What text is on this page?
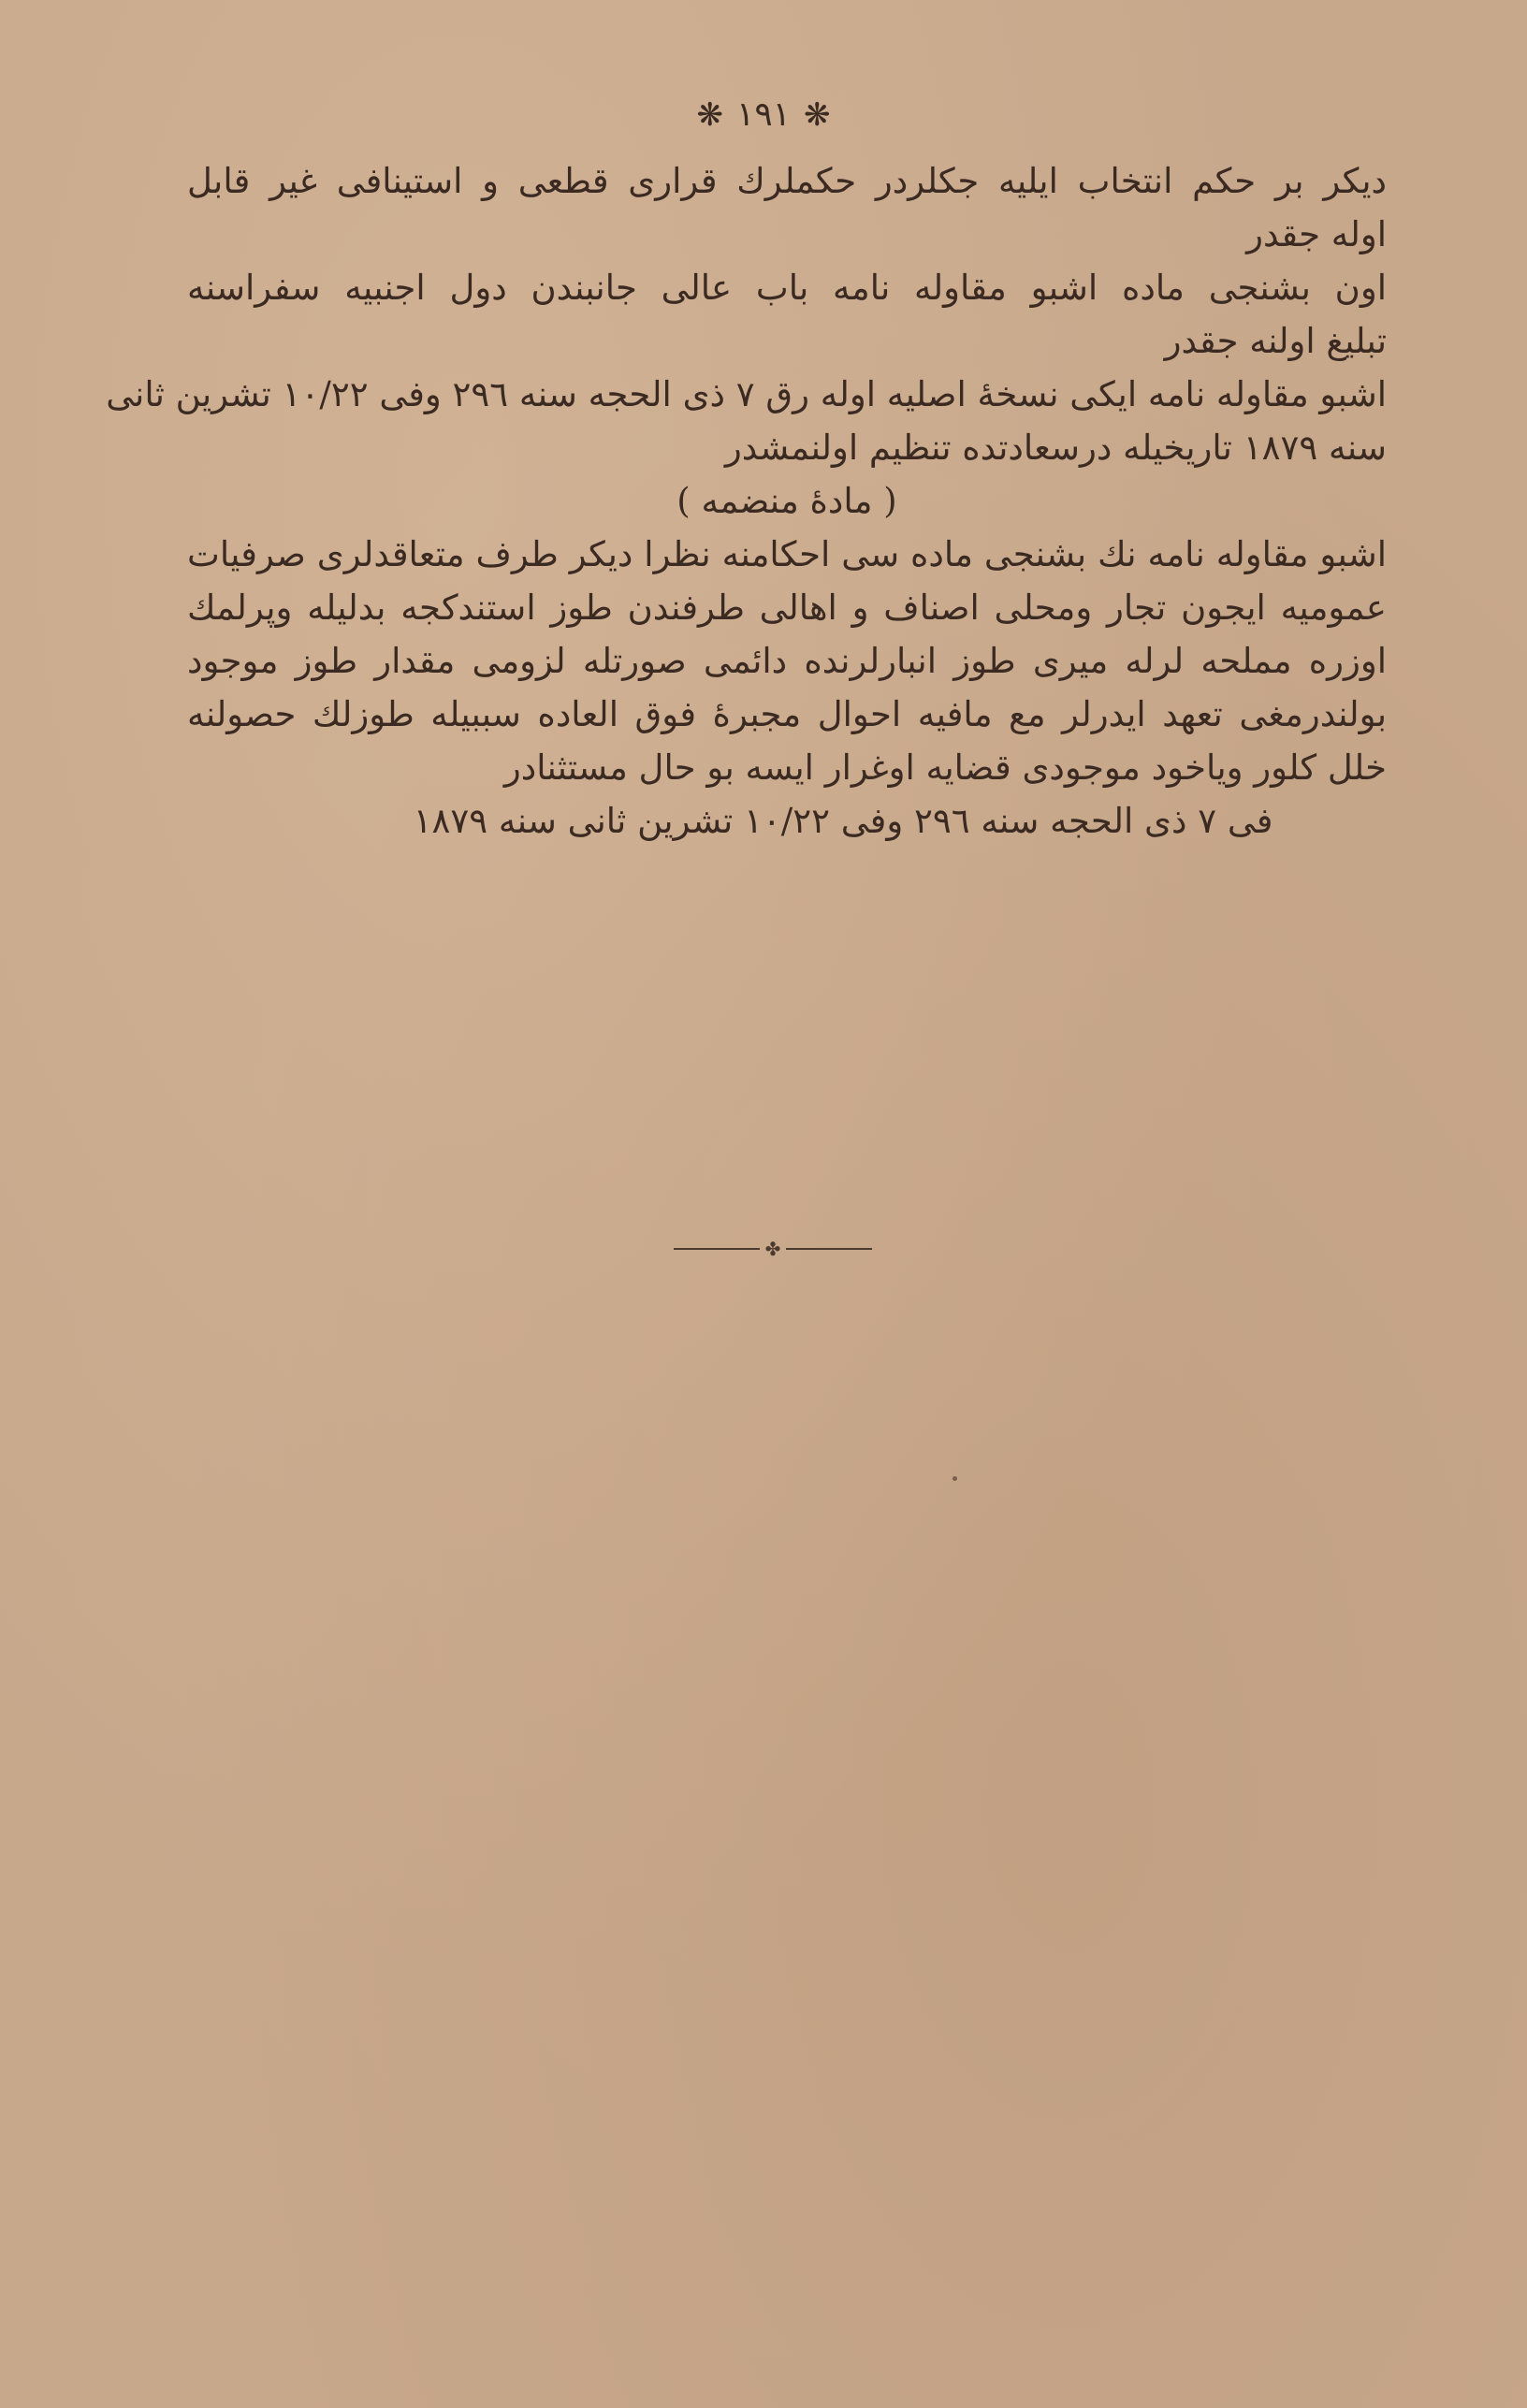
❋ ١٩١ ❋
دیکر بر حکم انتخاب ایلیه جکلردر حکملرك قراری قطعی و استینافی غیر قابل
اوله جقدر
اون بشنجی ماده اشبو مقاوله نامه باب عالی جانبندن دول اجنبیه سفراسنه
تبلیغ اولنه جقدر
اشبو مقاوله نامه ایکی نسخهٔ اصلیه اوله رق ٧ ذی الحجه سنه ٢٩٦ وفی ١٠/٢٢ تشرین ثانی
سنه ١٨٧٩ تاریخیله درسعادتده تنظیم اولنمشدر
( مادهٔ منضمه )
اشبو مقاوله نامه نك بشنجی ماده سی احکامنه نظرا دیکر طرف متعاقدلری صرفیات
عمومیه ایجون تجار ومحلی اصناف و اهالی طرفندن طوز استندکجه بدلیله وپرلمك
اوزره مملحه لرله میری طوز انبارلرنده دائمی صورتله لزومی مقدار طوز موجود
بولندرمغی تعهد ایدرلر مع مافیه احوال مجبرهٔ فوق العاده سببیله طوزلك حصولنه
خلل کلور ویاخود موجودی قضایه اوغرار ایسه بو حال مستثنادر
فی ٧ ذی الحجه سنه ٢٩٦ وفی ١٠/٢٢ تشرین ثانی سنه ١٨٧٩
✤
